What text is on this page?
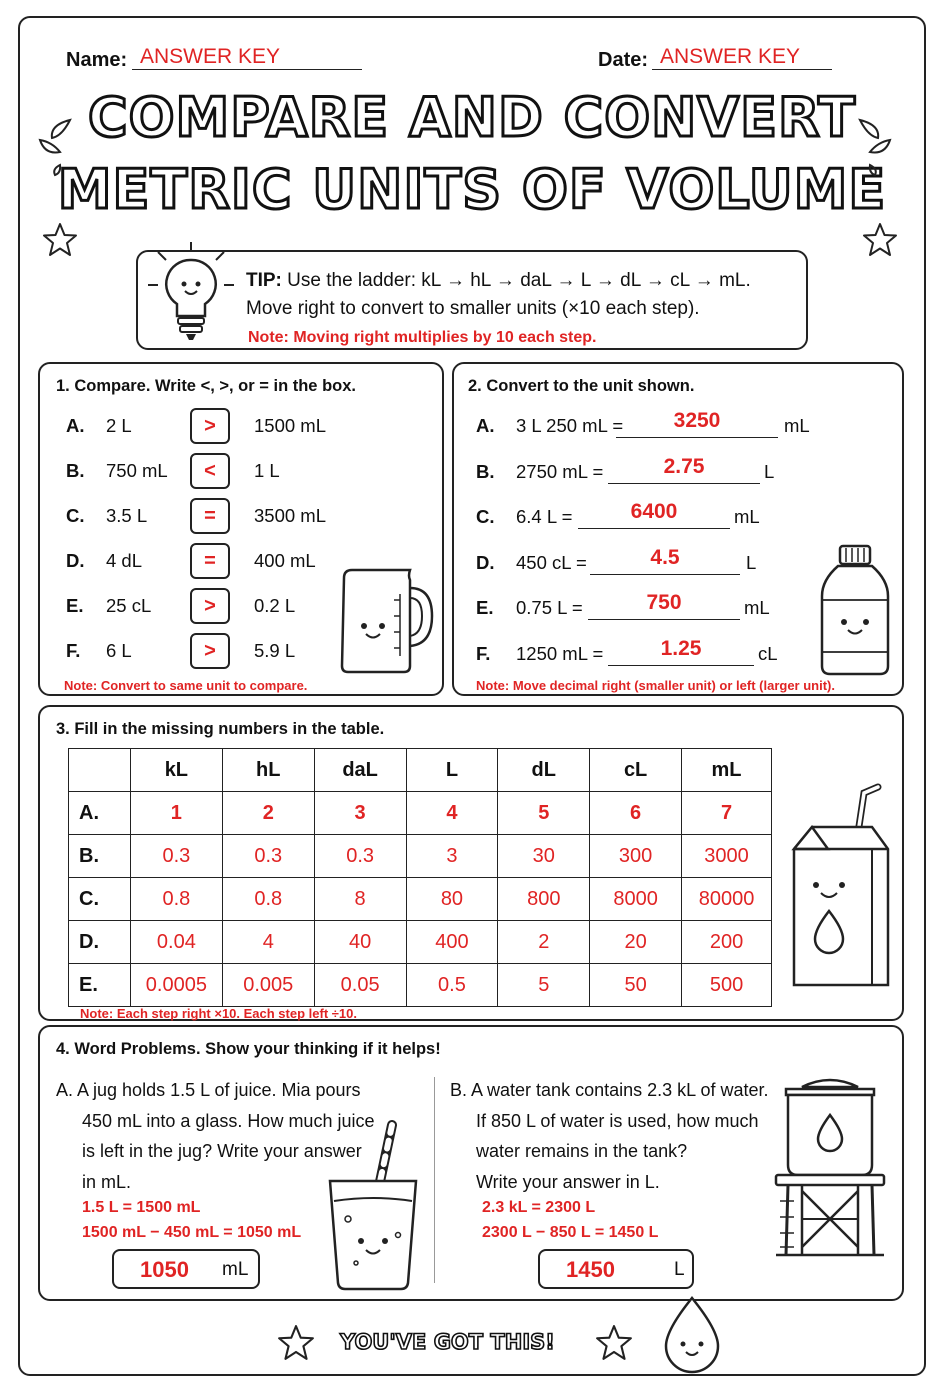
Name: ANSWER KEY	Date: ANSWER KEY
COMPARE AND CONVERT
METRIC UNITS OF VOLUME
TIP: Use the ladder: kL → hL → daL → L → dL → cL → mL.
Move right to convert to smaller units (×10 each step).
Note: Moving right multiplies by 10 each step.
1. Compare. Write <, >, or = in the box.
A. 2 L	>	1500 mL
B. 750 mL	<	1 L
C. 3.5 L	=	3500 mL
D. 4 dL	=	400 mL
E. 25 cL	>	0.2 L
F. 6 L	>	5.9 L
Note: Convert to same unit to compare.
2. Convert to the unit shown.
A. 3 L 250 mL =	3250	mL
B. 2750 mL =	2.75	L
C. 6.4 L =	6400	mL
D. 450 cL =	4.5	L
E. 0.75 L =	750	mL
F. 1250 mL =	1.25	cL
Note: Move decimal right (smaller unit) or left (larger unit).
3. Fill in the missing numbers in the table.
Note: Each step right ×10. Each step left ÷10.
	kL	hL	daL	L	dL	cL	mL
A.	1	2	3	4	5	6	7
B.	0.3	0.3	0.3	3	30	300	3000
C.	0.8	0.8	8	80	800	8000	80000
D.	0.04	4	40	400	2	20	200
E.	0.0005	0.005	0.05	0.5	5	50	500
4. Word Problems. Show your thinking if it helps!
A. A jug holds 1.5 L of juice. Mia pours
450 mL into a glass. How much juice
is left in the jug? Write your answer
in mL.
1.5 L = 1500 mL
1500 mL − 450 mL = 1050 mL
1050 mL
B. A water tank contains 2.3 kL of water.
If 850 L of water is used, how much
water remains in the tank?
Write your answer in L.
2.3 kL = 2300 L
2300 L − 850 L = 1450 L
1450	L
YOU'VE GOT THIS!
